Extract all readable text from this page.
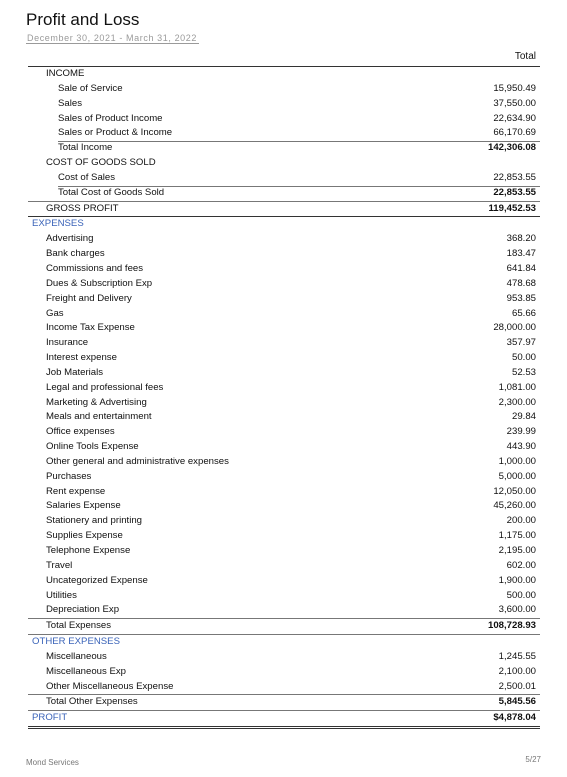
Profit and Loss
December 30, 2021 - March 31, 2022
Total
INCOME
Sale of Service	15,950.49
Sales	37,550.00
Sales of Product Income	22,634.90
Sales or Product & Income	66,170.69
Total Income	142,306.08
COST OF GOODS SOLD
Cost of Sales	22,853.55
Total Cost of Goods Sold	22,853.55
GROSS PROFIT	119,452.53
EXPENSES
Advertising	368.20
Bank charges	183.47
Commissions and fees	641.84
Dues & Subscription Exp	478.68
Freight and Delivery	953.85
Gas	65.66
Income Tax Expense	28,000.00
Insurance	357.97
Interest expense	50.00
Job Materials	52.53
Legal and professional fees	1,081.00
Marketing & Advertising	2,300.00
Meals and entertainment	29.84
Office expenses	239.99
Online Tools Expense	443.90
Other general and administrative expenses	1,000.00
Purchases	5,000.00
Rent expense	12,050.00
Salaries Expense	45,260.00
Stationery and printing	200.00
Supplies Expense	1,175.00
Telephone Expense	2,195.00
Travel	602.00
Uncategorized Expense	1,900.00
Utilities	500.00
Depreciation Exp	3,600.00
Total Expenses	108,728.93
OTHER EXPENSES
Miscellaneous	1,245.55
Miscellaneous Exp	2,100.00
Other Miscellaneous Expense	2,500.01
Total Other Expenses	5,845.56
PROFIT	$4,878.04
Mond Services	5/27
